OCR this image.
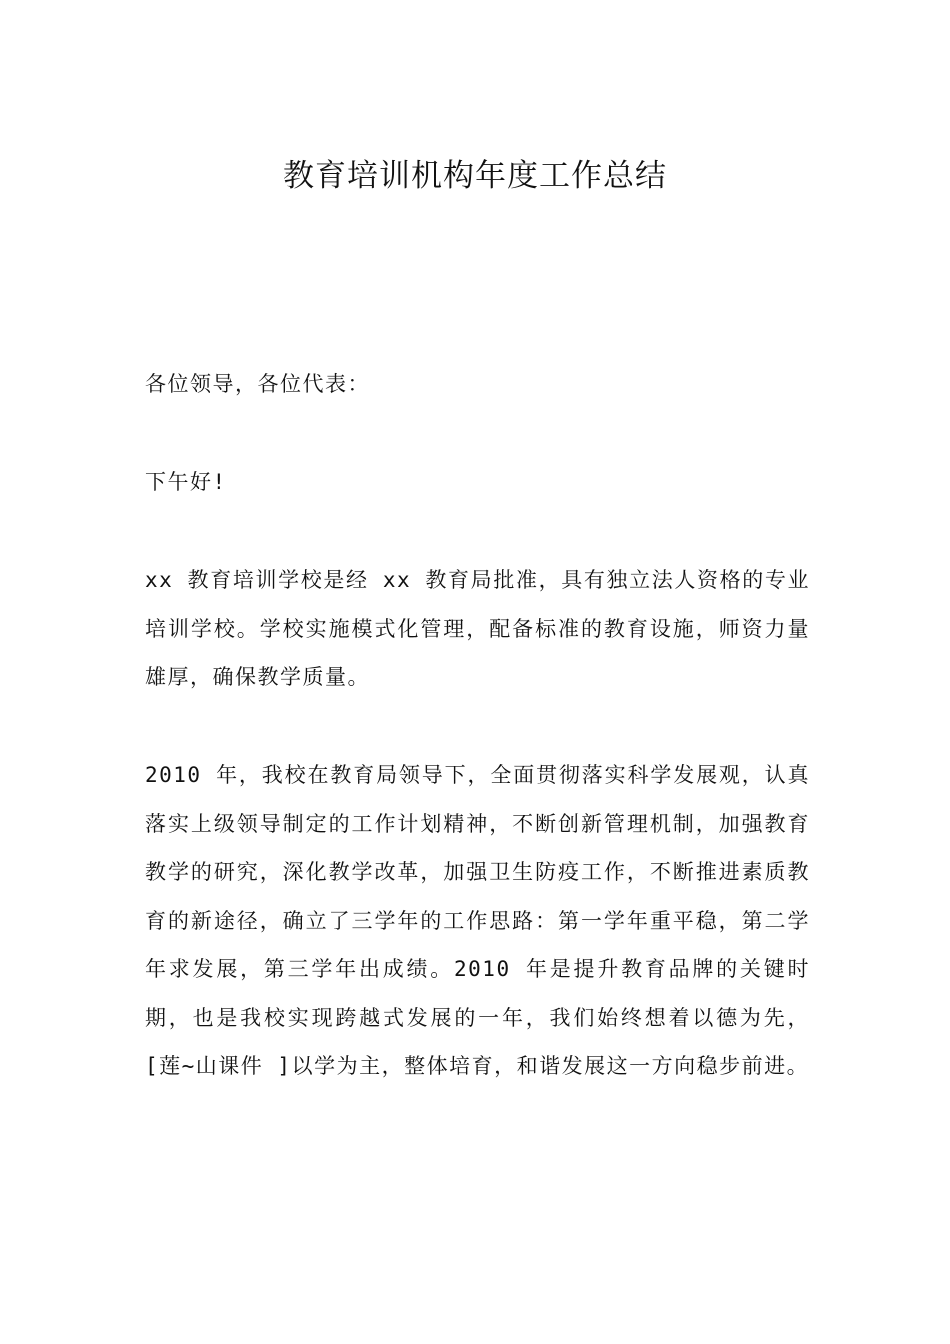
教育培训机构年度工作总结
各位领导，各位代表：
下午好!
xx 教育培训学校是经 xx 教育局批准，具有独立法人资格的专业培训学校。学校实施模式化管理，配备标准的教育设施，师资力量雄厚，确保教学质量。
2010 年，我校在教育局领导下，全面贯彻落实科学发展观，认真落实上级领导制定的工作计划精神，不断创新管理机制，加强教育教学的研究，深化教学改革，加强卫生防疫工作，不断推进素质教育的新途径，确立了三学年的工作思路：第一学年重平稳，第二学年求发展，第三学年出成绩。2010 年是提升教育品牌的关键时期，也是我校实现跨越式发展的一年，我们始终想着以德为先，[莲~山课件 ]以学为主，整体培育，和谐发展这一方向稳步前进。
